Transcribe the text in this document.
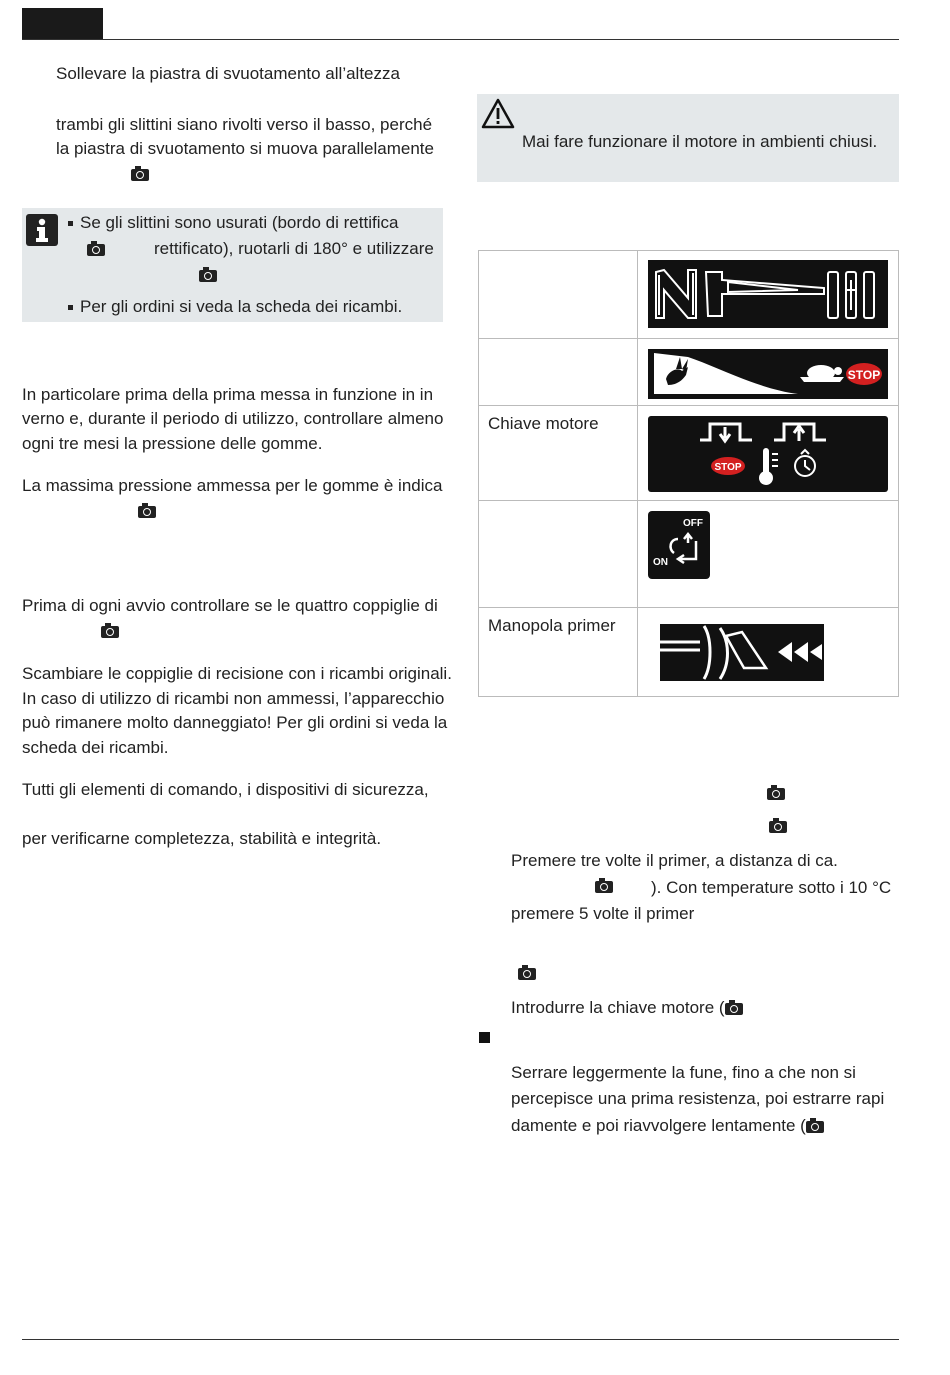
Sollevare la piastra di svuotamento all’altezza
trambi gli slittini siano rivolti verso il basso, perché
la piastra di svuotamento si muova parallelamente
Se gli slittini sono usurati (bordo di rettifica
rettificato), ruotarli di 180° e utilizzare
Per gli ordini si veda la scheda dei ricambi.
In particolare prima della prima messa in funzione in in
verno e, durante il periodo di utilizzo, controllare almeno
ogni tre mesi la pressione delle gomme.
La massima pressione ammessa per le gomme è indica
Prima di ogni avvio controllare se le quattro coppiglie di
Scambiare le coppiglie di recisione con i ricambi originali.
In caso di utilizzo di ricambi non ammessi, l’apparecchio
può rimanere molto danneggiato! Per gli ordini si veda la
scheda dei ricambi.
Tutti gli elementi di comando, i dispositivi di sicurezza,
per verificarne completezza, stabilità e integrità.
Mai fare funzionare il motore in ambienti chiusi.

STOP

Chiave motore	STOP

OFF
ON

Manopola primer

Premere tre volte il primer, a distanza di ca.
). Con temperature sotto i 10 °C
premere 5 volte il primer
Introdurre la chiave motore (
Serrare leggermente la fune, fino a che non si
percepisce una prima resistenza, poi estrarre rapi
damente e poi riavvolgere lentamente (
